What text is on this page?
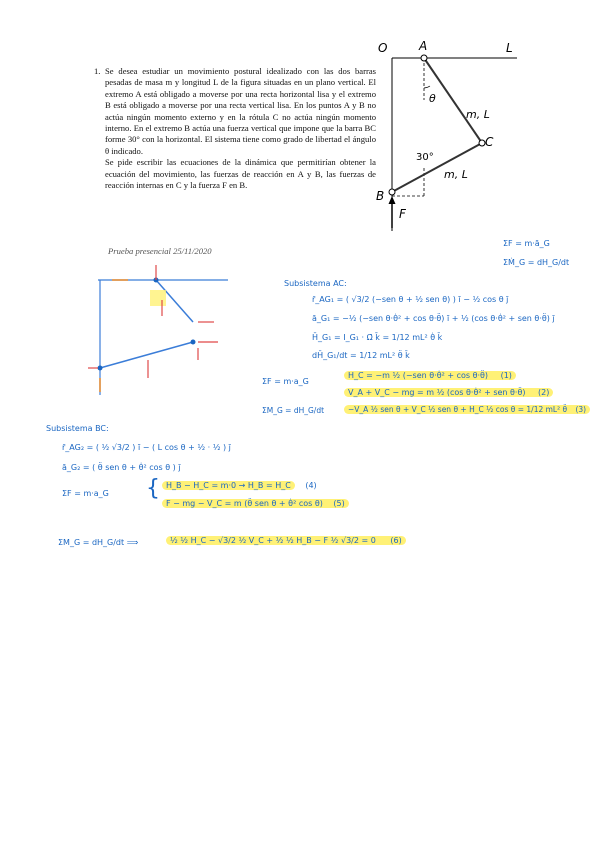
1. Se desea estudiar un movimiento postural idealizado con las dos barras pesadas de masa m y longitud L de la figura situadas en un plano vertical. El extremo A está obligado a moverse por una recta horizontal lisa y el extremo B está obligado a moverse por una recta vertical lisa. En los puntos A y B no actúa ningún momento externo y en la rótula C no actúa ningún momento interno. En el extremo B actúa una fuerza vertical que impone que la barra BC forme 30° con la horizontal. El sistema tiene como grado de libertad el ángulo θ indicado.

Se pide escribir las ecuaciones de la dinámica que permitirían obtener la ecuación del movimiento, las fuerzas de reacción en A y B, las fuerzas de reacción internas en C y la fuerza F en B.

O	A	L
θ
m, L
C
30°
m, L
B
F
Prueba presencial 25/11/2020
ΣF = m·ā_G
ΣṀ_G = dH_G/dt
Subsistema AC:
r̄_AG₁ = ( √3/2 (−sen θ + ½ sen θ) ) ī − ½ cos θ j̄
ā_G₁ = −½ (−sen θ·θ̇² + cos θ·θ̈) ī + ½ (cos θ·θ̇² + sen θ·θ̈) j̄
H̄_G₁ = I_G₁ · Ω̄ k̄ = 1/12 mL² θ̇ k̄
dH̄_G₁/dt = 1/12 mL² θ̈ k̄
ΣF = m·a_G
H_C = −m ½ (−sen θ·θ̇² + cos θ·θ̈) (1)
V_A + V_C − mg = m ½ (cos θ·θ̇² + sen θ·θ̈) (2)
ΣM_G = dH_G/dt	−V_A ½ sen θ + V_C ½ sen θ + H_C ½ cos θ = 1/12 mL² θ̈ (3)
Subsistema BC:
r̄_AG₂ = ( ½ √3/2 ) ī − ( L cos θ + ½ · ½ ) j̄
ā_G₂ = ( θ̈ sen θ + θ̇² cos θ ) j̄
ΣF = m·a_G { H_B − H_C = m·0 → H_B = H_C (4)
F − mg − V_C = m (θ̈ sen θ + θ̇² cos θ) (5)
ΣM_G = dH_G/dt ⟹	½ ½ H_C − √3/2 ½ V_C + ½ ½ H_B − F ½ √3/2 = 0 (6)
